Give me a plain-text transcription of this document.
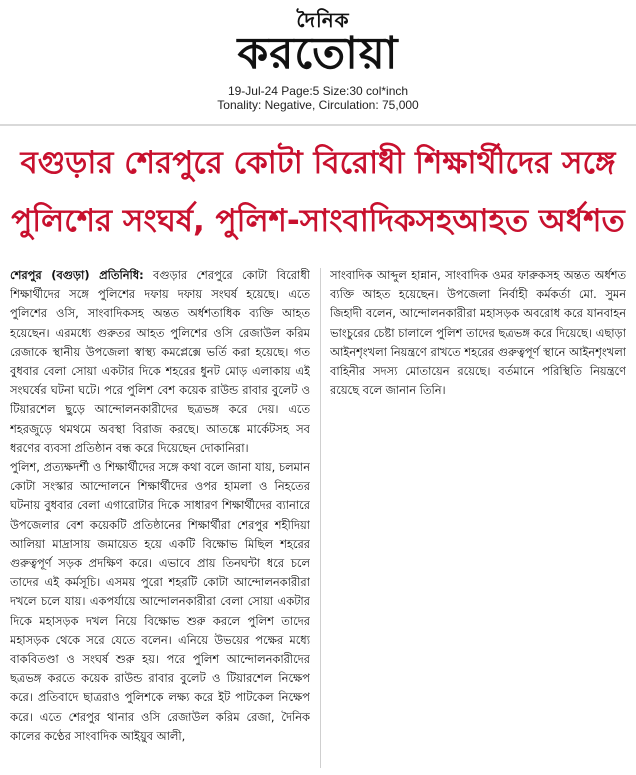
দৈনিক
করতোয়া
19-Jul-24 Page:5 Size:30 col*inch
Tonality: Negative, Circulation: 75,000
বগুড়ার শেরপুরে কোটা বিরোধী শিক্ষার্থীদের সঙ্গে
পুলিশের সংঘর্ষ, পুলিশ-সাংবাদিকসহআহত অর্ধশত

শেরপুর (বগুড়া) প্রতিনিধি: বগুড়ার শেরপুরে কোটা বিরোধী শিক্ষার্থীদের সঙ্গে পুলিশের দফায় দফায় সংঘর্ষ হয়েছে। এতে পুলিশের ওসি, সাংবাদিকসহ অন্তত অর্ধশতাধিক ব্যক্তি আহত হয়েছেন। এরমধ্যে গুরুতর আহত পুলিশের ওসি রেজাউল করিম রেজাকে স্থানীয় উপজেলা স্বাস্থ্য কমপ্লেক্সে ভর্তি করা হয়েছে। গত বুধবার বেলা সোয়া একটার দিকে শহরের ধুনট মোড় এলাকায় এই সংঘর্ষের ঘটনা ঘটে। পরে পুলিশ বেশ কয়েক রাউন্ড রাবার বুলেট ও টিয়ারশেল ছুড়ে আন্দোলনকারীদের ছত্রভঙ্গ করে দেয়। এতে শহরজুড়ে থমথমে অবস্থা বিরাজ করছে। আতঙ্কে মার্কেটসহ সব ধরণের ব্যবসা প্রতিষ্ঠান বন্ধ করে দিয়েছেন দোকানিরা।

পুলিশ, প্রত্যক্ষদর্শী ও শিক্ষার্থীদের সঙ্গে কথা বলে জানা যায়, চলমান কোটা সংস্কার আন্দোলনে শিক্ষার্থীদের ওপর হামলা ও নিহতের ঘটনায় বুধবার বেলা এগারোটার দিকে সাধারণ শিক্ষার্থীদের ব্যানারে উপজেলার বেশ কয়েকটি প্রতিষ্ঠানের শিক্ষার্থীরা শেরপুর শহীদিয়া আলিয়া মাদ্রাসায় জমায়েত হয়ে একটি বিক্ষোভ মিছিল শহরের গুরুত্বপূর্ণ সড়ক প্রদক্ষিণ করে। এভাবে প্রায় তিনঘন্টা ধরে চলে তাদের এই কর্মসূচি। এসময় পুরো শহরটি কোটা আন্দোলনকারীরা দখলে চলে যায়। একপর্যায়ে আন্দোলনকারীরা বেলা সোয়া একটার দিকে মহাসড়ক দখল নিয়ে বিক্ষোভ শুরু করলে পুলিশ তাদের মহাসড়ক থেকে সরে যেতে বলেন। এনিয়ে উভয়ের পক্ষের মধ্যে বাকবিতণ্ডা ও সংঘর্ষ শুরু হয়। পরে পুলিশ আন্দোলনকারীদের ছত্রভঙ্গ করতে কয়েক রাউন্ড রাবার বুলেট ও টিয়ারশেল নিক্ষেপ করে। প্রতিবাদে ছাত্ররাও পুলিশকে লক্ষ্য করে ইট পাটকেল নিক্ষেপ করে। এতে শেরপুর থানার ওসি রেজাউল করিম রেজা, দৈনিক কালের কণ্ঠের সাংবাদিক আইয়ুব আলী,

সাংবাদিক আব্দুল হান্নান, সাংবাদিক ওমর ফারুকসহ অন্তত অর্ধশত ব্যক্তি আহত হয়েছেন। উপজেলা নির্বাহী কর্মকর্তা মো. সুমন জিহাদী বলেন, আন্দোলনকারীরা মহাসড়ক অবরোধ করে যানবাহন ভাংচুরের চেষ্টা চালালে পুলিশ তাদের ছত্রভঙ্গ করে দিয়েছে। এছাড়া আইনশৃংখলা নিয়ন্ত্রণে রাখতে শহরের গুরুত্বপূর্ণ স্থানে আইনশৃংখলা বাহিনীর সদস্য মোতায়েন রয়েছে। বর্তমানে পরিস্থিতি নিয়ন্ত্রণে রয়েছে বলে জানান তিনি।
